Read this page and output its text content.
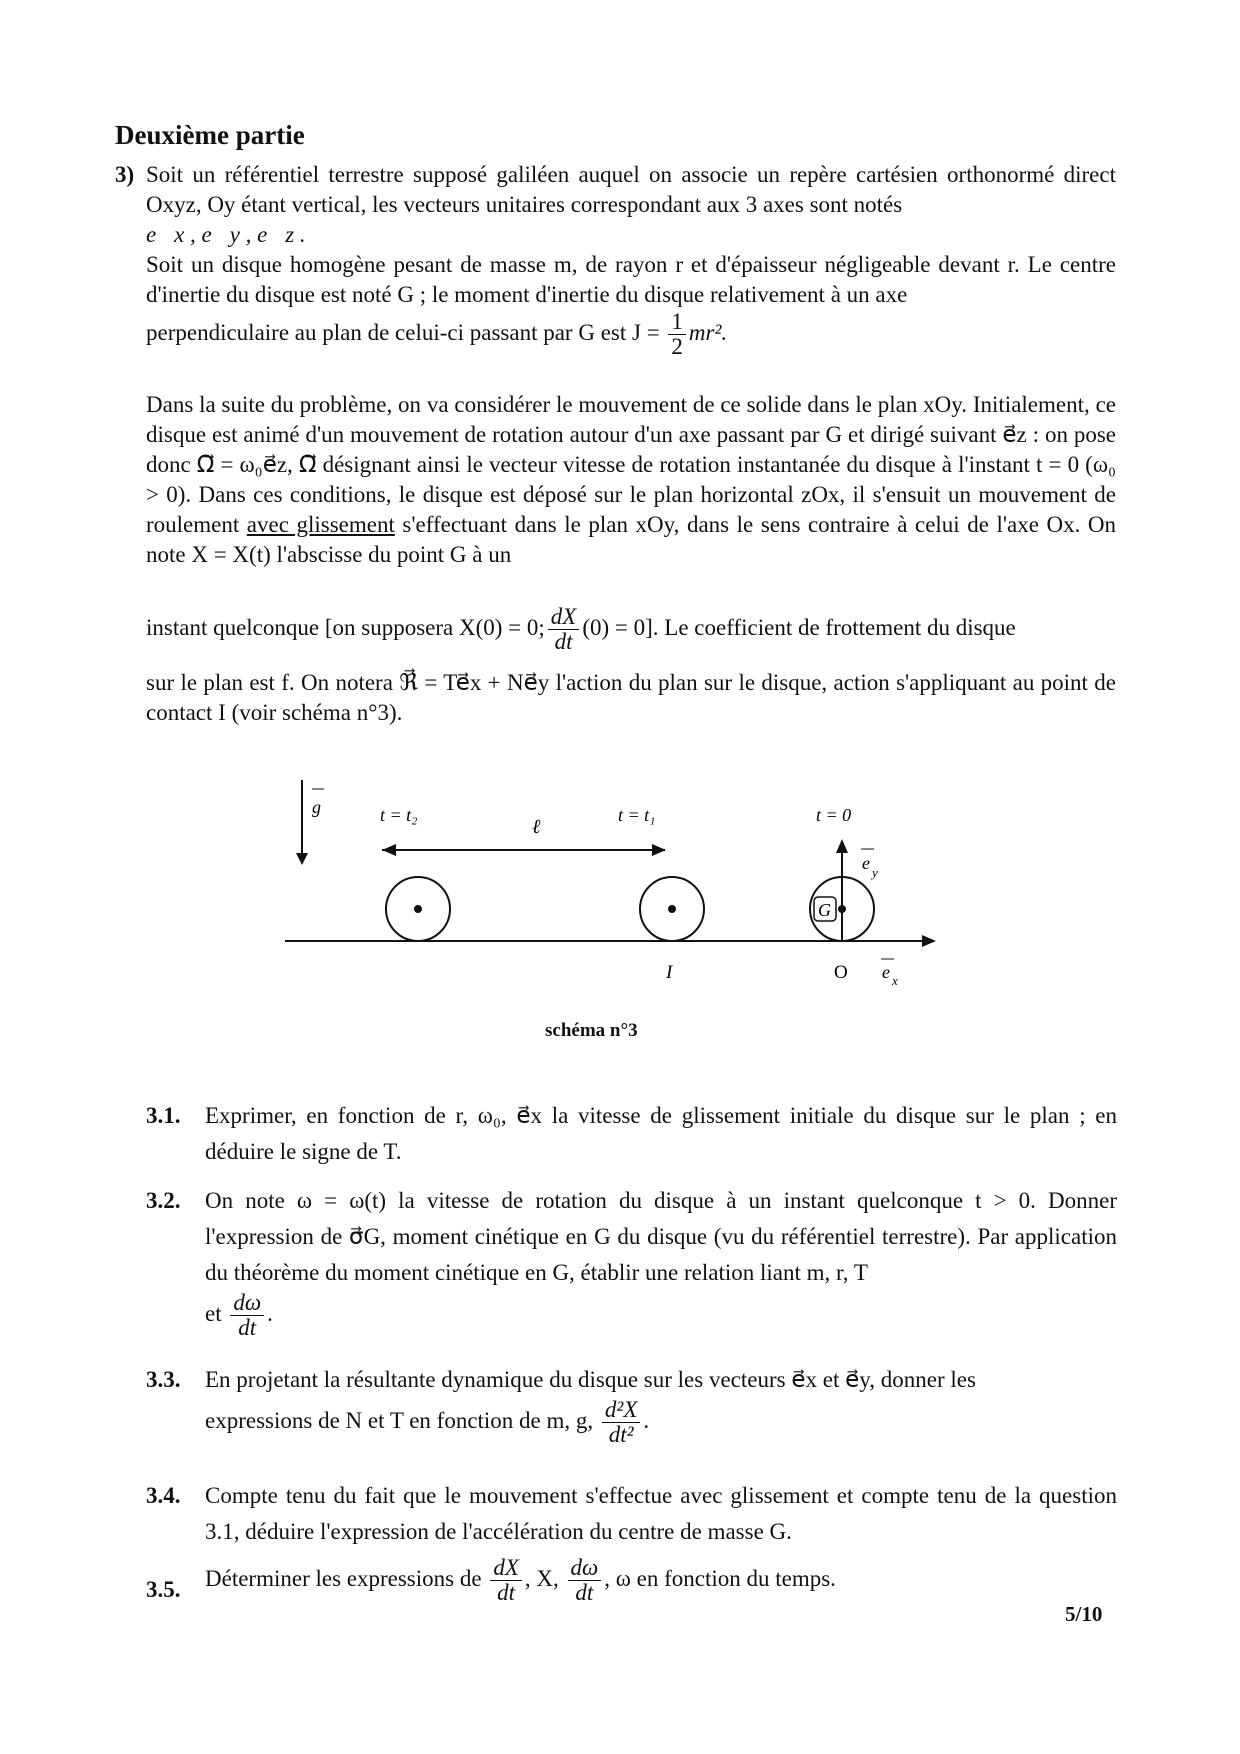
Deuxième partie
3) Soit un référentiel terrestre supposé galiléen auquel on associe un repère cartésien orthonormé direct Oxyz, Oy étant vertical, les vecteurs unitaires correspondant aux 3 axes sont notés
e⃗x , e⃗y , e⃗z .

Soit un disque homogène pesant de masse m, de rayon r et d'épaisseur négligeable devant r. Le centre d'inertie du disque est noté G ; le moment d'inertie du disque relativement à un axe
perpendiculaire au plan de celui-ci passant par G est $J = \frac{1}{2} mr^2$.

Dans la suite du problème, on va considérer le mouvement de ce solide dans le plan xOy. Initialement, ce disque est animé d'un mouvement de rotation autour d'un axe passant par G et dirigé suivant e⃗z : on pose donc Ω⃗ = ω₀e⃗z, Ω⃗ désignant ainsi le vecteur vitesse de rotation instantanée du disque à l'instant t = 0 (ω₀ > 0). Dans ces conditions, le disque est déposé sur le plan horizontal zOx, il s'ensuit un mouvement de roulement avec glissement s'effectuant dans le plan xOy, dans le sens contraire à celui de l'axe Ox. On note X = X(t) l'abscisse du point G à un

instant quelconque [on supposera X(0) = 0; $\frac{dX}{dt} (0) = 0$]. Le coefficient de frottement du disque

sur le plan est f. On notera ℜ⃗ = Te⃗x + Ne⃗y l'action du plan sur le disque, action s'appliquant au point de contact I (voir schéma n°3).

g	t = t₂	t = t₁	t = 0
ℓ
G
e y
I	O e x
schéma n°3
3.1. Exprimer, en fonction de r, ω₀, e⃗x la vitesse de glissement initiale du disque sur le plan ; en déduire le signe de T.

3.2. On note ω = ω(t) la vitesse de rotation du disque à un instant quelconque t > 0. Donner l'expression de σ⃗G, moment cinétique en G du disque (vu du référentiel terrestre). Par application du théorème du moment cinétique en G, établir une relation liant m, r, T
et $\frac{d\omega}{dt}$ .

3.3. En projetant la résultante dynamique du disque sur les vecteurs e⃗x et e⃗y, donner les
expressions de N et T en fonction de m, g, $\frac{\text{d²X}}{\text{dt²}}$ .

3.4. Compte tenu du fait que le mouvement s'effectue avec glissement et compte tenu de la question 3.1, déduire l'expression de l'accélération du centre de masse G.

3.5. Déterminer les expressions de $\frac{dX}{dt}$ , X, $\frac{d\omega}{dt}$ , ω en fonction du temps.

5/10
